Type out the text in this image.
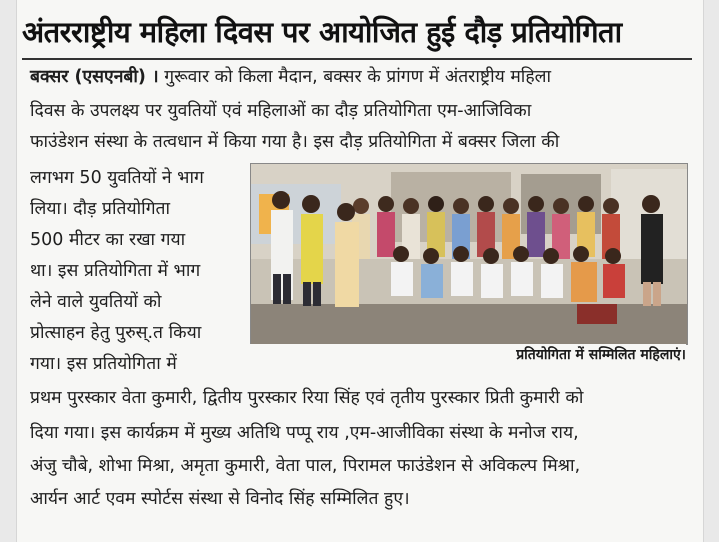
अंतरराष्ट्रीय महिला दिवस पर आयोजित हुई दौड़ प्रतियोगिता
बक्सर (एसएनबी) । गुरूवार को किला मैदान, बक्सर के प्रांगण में अंतराष्ट्रीय महिला
दिवस के उपलक्ष्य पर युवतियों एवं महिलाओं का दौड़ प्रतियोगिता एम-आजिविका
फाउंडेशन संस्था के तत्वधान में किया गया है। इस दौड़ प्रतियोगिता में बक्सर जिला की
लगभग 50 युवतियों ने भाग
लिया। दौड़ प्रतियोगिता
500 मीटर का रखा गया
था। इस प्रतियोगिता में भाग
लेने वाले युवतियों को
प्रोत्साहन हेतु पुरुस्.त किया
गया। इस प्रतियोगिता में	प्रतियोगिता में सम्मिलित महिलाएं।
प्रथम पुरस्कार वेता कुमारी, द्वितीय पुरस्कार रिया सिंह एवं तृतीय पुरस्कार प्रिती कुमारी को
दिया गया। इस कार्यक्रम में मुख्य अतिथि पप्पू राय ,एम-आजीविका संस्था के मनोज राय,
अंजु चौबे, शोभा मिश्रा, अमृता कुमारी, वेता पाल, पिरामल फाउंडेशन से अविकल्प मिश्रा,
आर्यन आर्ट एवम स्पोर्टस संस्था से विनोद सिंह सम्मिलित हुए।
